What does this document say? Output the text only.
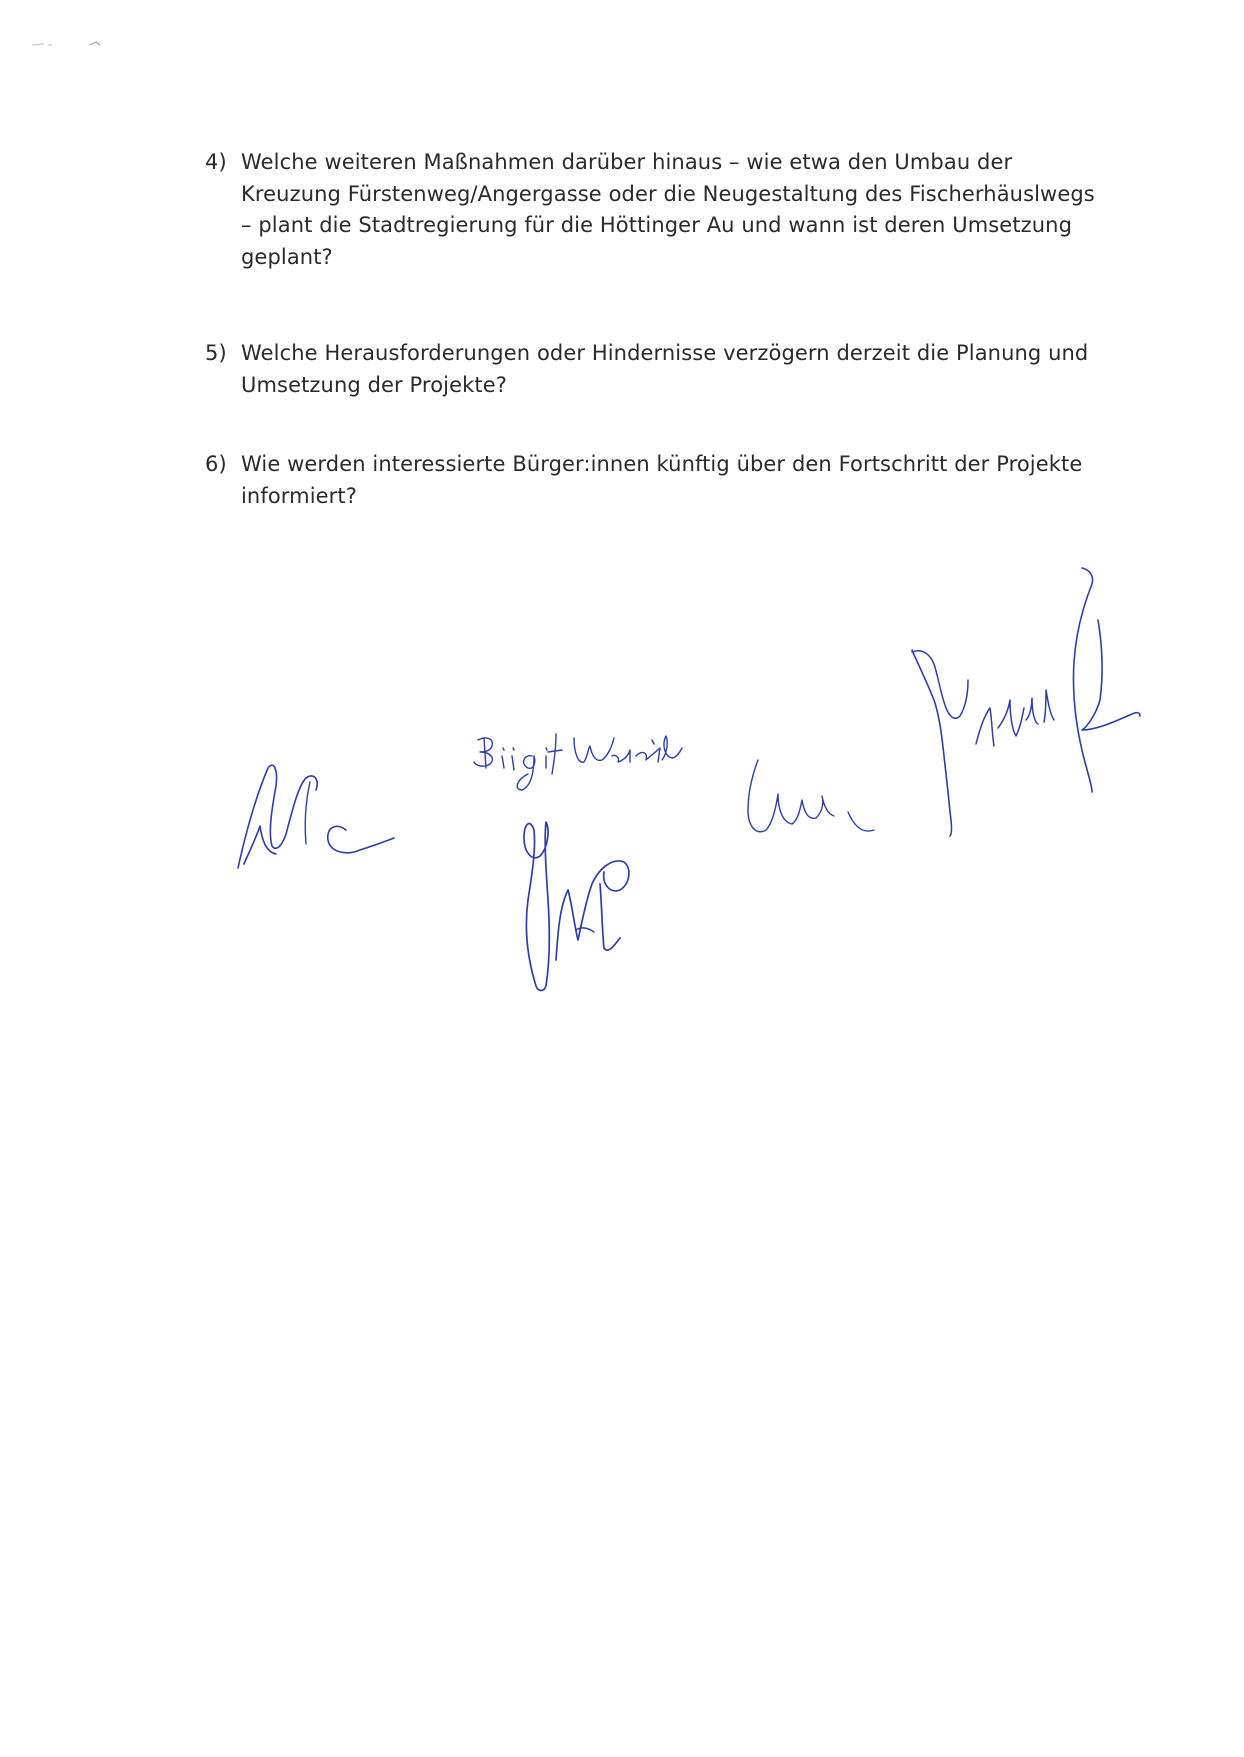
4) Welche weiteren Maßnahmen darüber hinaus – wie etwa den Umbau der Kreuzung Fürstenweg/Angergasse oder die Neugestaltung des Fischerhäuslwegs – plant die Stadtregierung für die Höttinger Au und wann ist deren Umsetzung geplant?
5) Welche Herausforderungen oder Hindernisse verzögern derzeit die Planung und Umsetzung der Projekte?
6) Wie werden interessierte Bürger:innen künftig über den Fortschritt der Projekte informiert?
